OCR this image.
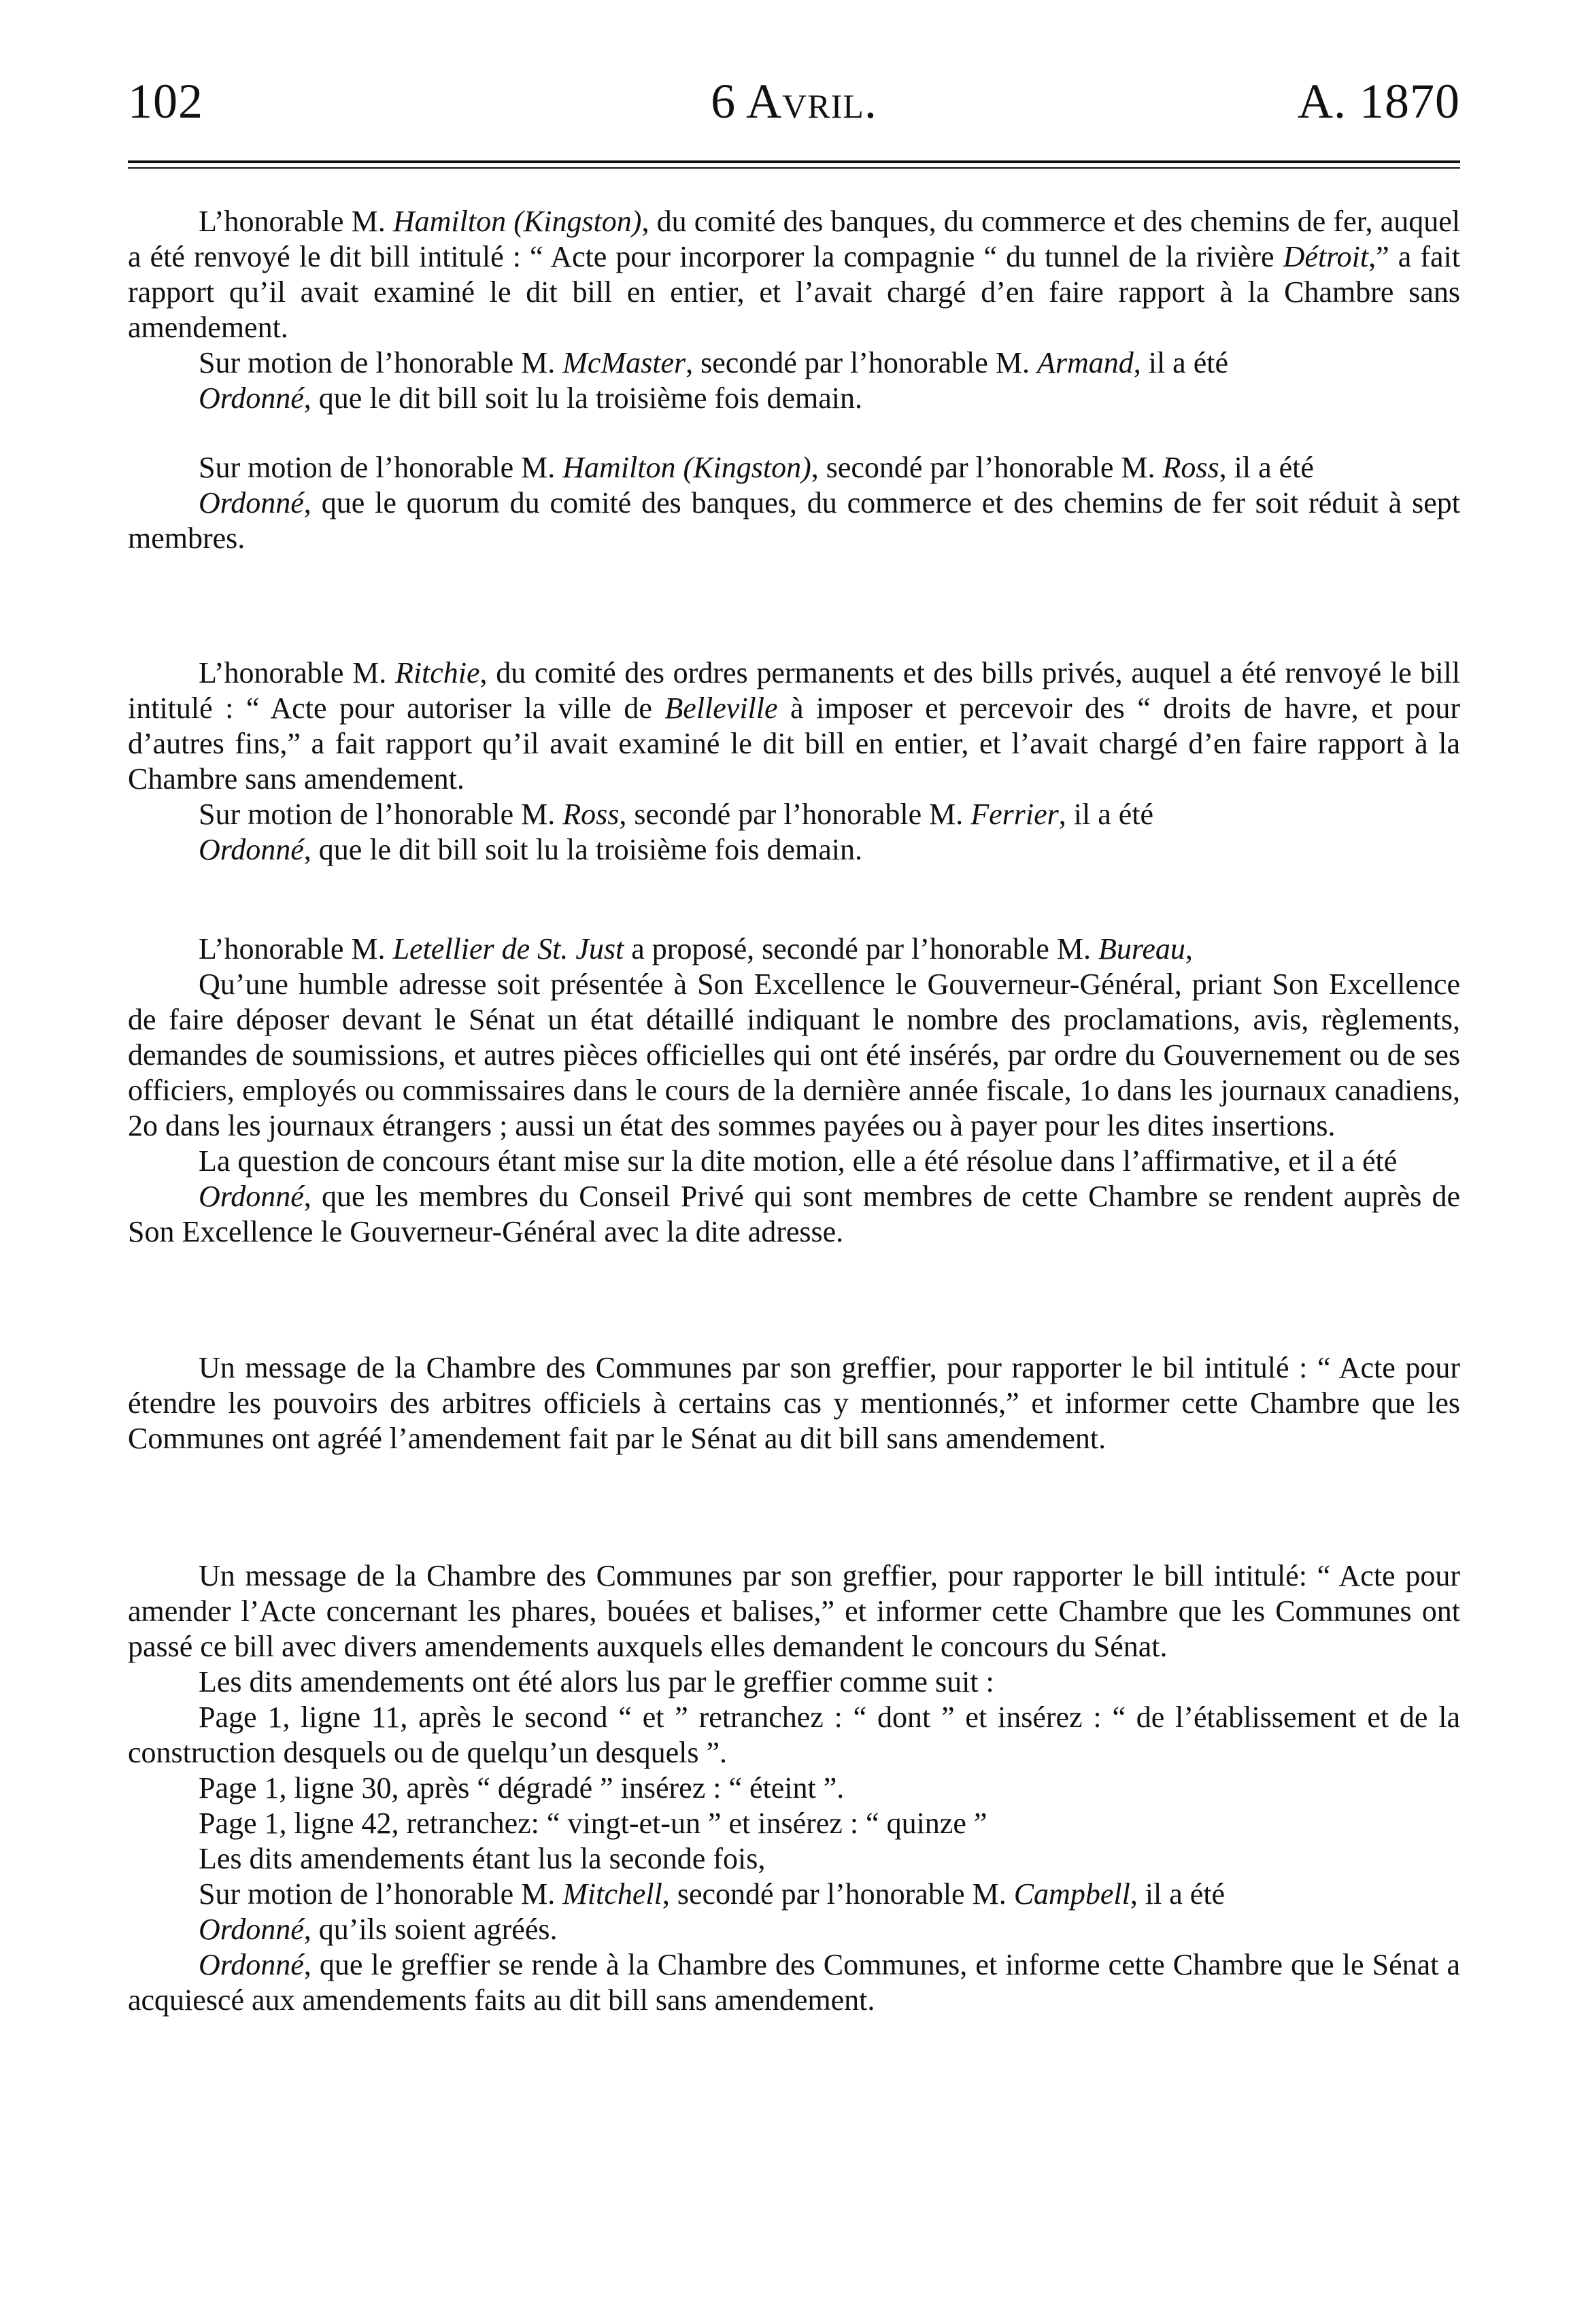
102	6 Avril.	A. 1870

L’honorable M. Hamilton (Kingston), du comité des banques, du commerce et des chemins de fer, auquel a été renvoyé le dit bill intitulé : “ Acte pour incorporer la compagnie “ du tunnel de la rivière Détroit,” a fait rapport qu’il avait examiné le dit bill en entier, et l’avait chargé d’en faire rapport à la Chambre sans amendement.

Sur motion de l’honorable M. McMaster, secondé par l’honorable M. Armand, il a été

Ordonné, que le dit bill soit lu la troisième fois demain.

Sur motion de l’honorable M. Hamilton (Kingston), secondé par l’honorable M. Ross, il a été

Ordonné, que le quorum du comité des banques, du commerce et des chemins de fer soit réduit à sept membres.

L’honorable M. Ritchie, du comité des ordres permanents et des bills privés, auquel a été renvoyé le bill intitulé : “ Acte pour autoriser la ville de Belleville à imposer et percevoir des “ droits de havre, et pour d’autres fins,” a fait rapport qu’il avait examiné le dit bill en entier, et l’avait chargé d’en faire rapport à la Chambre sans amendement.

Sur motion de l’honorable M. Ross, secondé par l’honorable M. Ferrier, il a été

Ordonné, que le dit bill soit lu la troisième fois demain.

L’honorable M. Letellier de St. Just a proposé, secondé par l’honorable M. Bureau,

Qu’une humble adresse soit présentée à Son Excellence le Gouverneur-Général, priant Son Excellence de faire déposer devant le Sénat un état détaillé indiquant le nombre des proclamations, avis, règlements, demandes de soumissions, et autres pièces officielles qui ont été insérés, par ordre du Gouvernement ou de ses officiers, employés ou commissaires dans le cours de la dernière année fiscale, 1o dans les journaux canadiens, 2o dans les journaux étrangers ; aussi un état des sommes payées ou à payer pour les dites insertions.

La question de concours étant mise sur la dite motion, elle a été résolue dans l’affirmative, et il a été

Ordonné, que les membres du Conseil Privé qui sont membres de cette Chambre se rendent auprès de Son Excellence le Gouverneur-Général avec la dite adresse.

Un message de la Chambre des Communes par son greffier, pour rapporter le bil intitulé : “ Acte pour étendre les pouvoirs des arbitres officiels à certains cas y mentionnés,” et informer cette Chambre que les Communes ont agréé l’amendement fait par le Sénat au dit bill sans amendement.

Un message de la Chambre des Communes par son greffier, pour rapporter le bill intitulé: “ Acte pour amender l’Acte concernant les phares, bouées et balises,” et informer cette Chambre que les Communes ont passé ce bill avec divers amendements auxquels elles demandent le concours du Sénat.

Les dits amendements ont été alors lus par le greffier comme suit :

Page 1, ligne 11, après le second “ et ” retranchez : “ dont ” et insérez : “ de l’établissement et de la construction desquels ou de quelqu’un desquels ”.

Page 1, ligne 30, après “ dégradé ” insérez : “ éteint ”.

Page 1, ligne 42, retranchez: “ vingt-et-un ” et insérez : “ quinze ”

Les dits amendements étant lus la seconde fois,

Sur motion de l’honorable M. Mitchell, secondé par l’honorable M. Campbell, il a été

Ordonné, qu’ils soient agréés.

Ordonné, que le greffier se rende à la Chambre des Communes, et informe cette Chambre que le Sénat a acquiescé aux amendements faits au dit bill sans amendement.
